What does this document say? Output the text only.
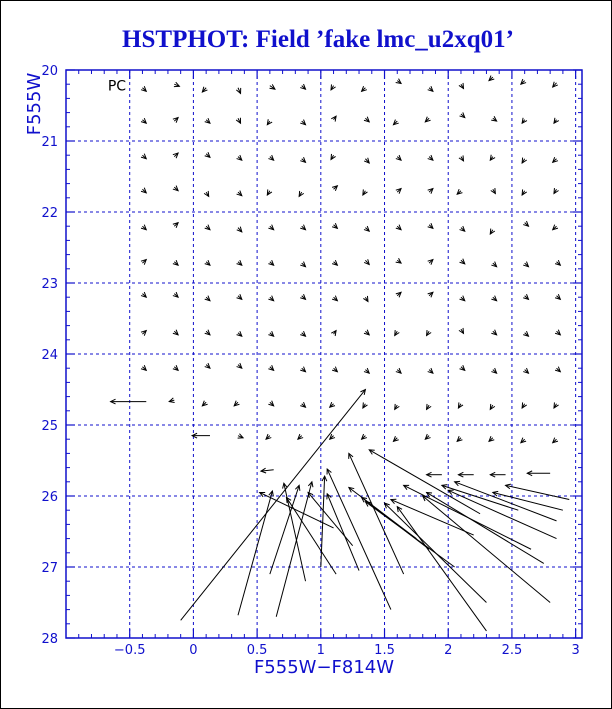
HSTPHOT: Field ’fake lmc_u2xq01’
−0.5	0	0.5	1	1.5	2	2.5	3
20
21
22
23
24
25
26
27
28
PC
F555W−F814W
F555W
